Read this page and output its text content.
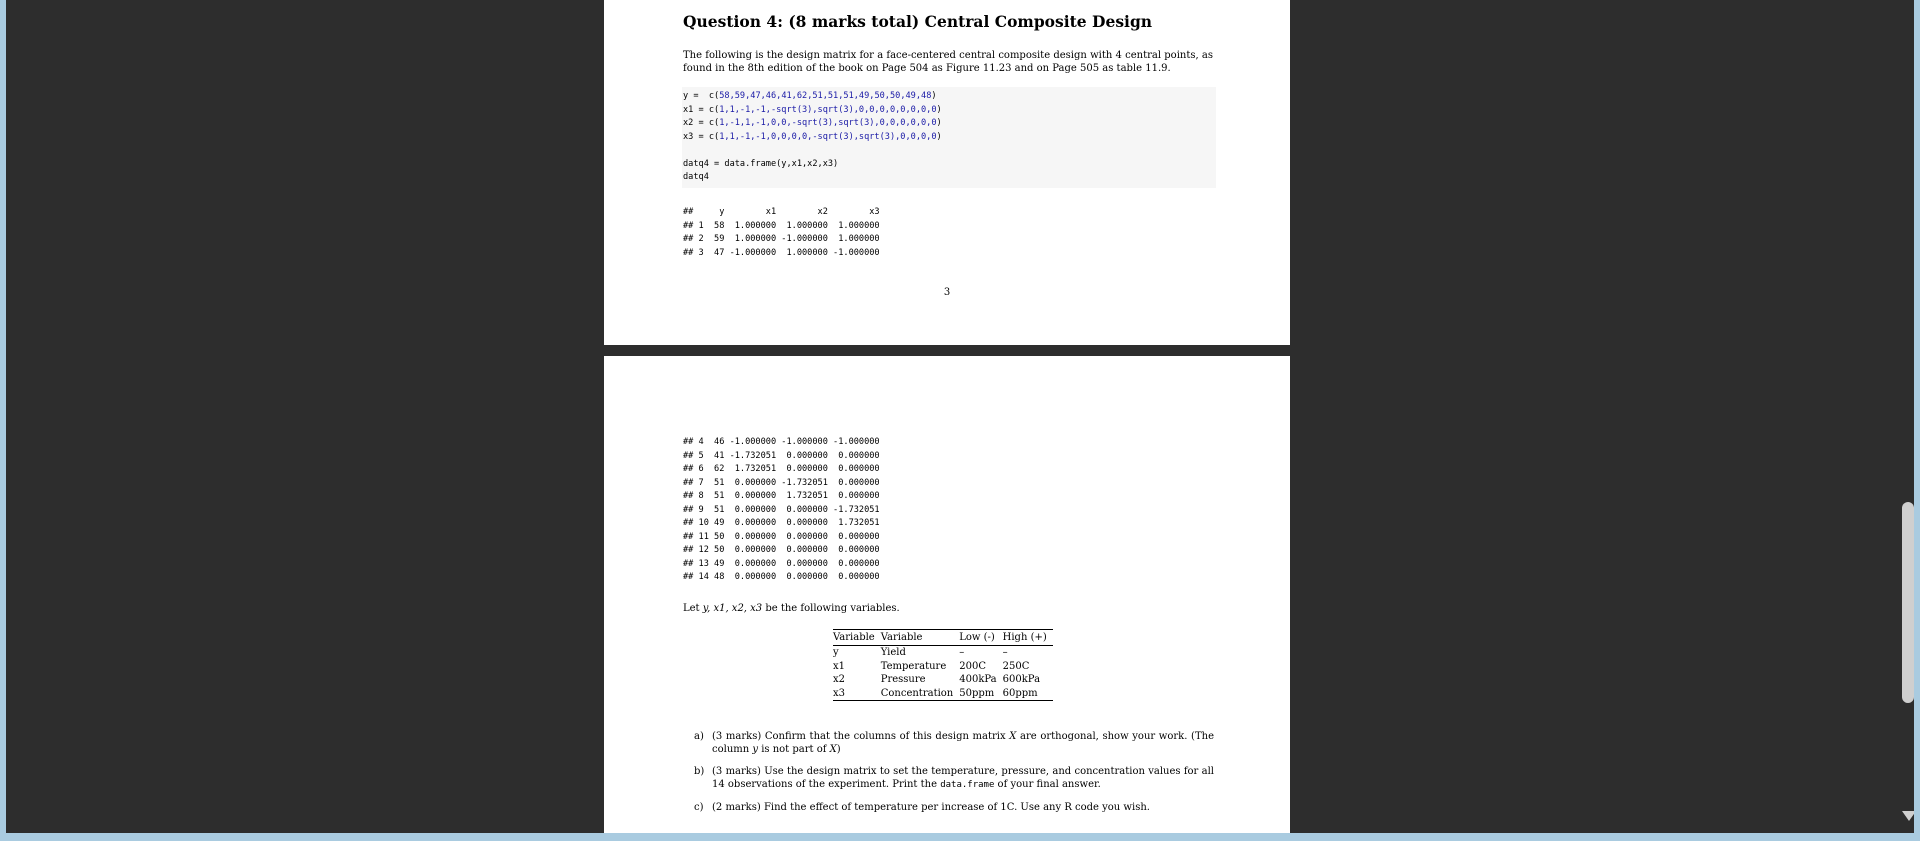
Question 4: (8 marks total) Central Composite Design
The following is the design matrix for a face-centered central composite design with 4 central points, as found in the 8th edition of the book on Page 504 as Figure 11.23 and on Page 505 as table 11.9.
y =  c(58,59,47,46,41,62,51,51,51,49,50,50,49,48)
x1 = c(1,1,-1,-1,-sqrt(3),sqrt(3),0,0,0,0,0,0,0,0)
x2 = c(1,-1,1,-1,0,0,-sqrt(3),sqrt(3),0,0,0,0,0,0)
x3 = c(1,1,-1,-1,0,0,0,0,-sqrt(3),sqrt(3),0,0,0,0)

datq4 = data.frame(y,x1,x2,x3)
datq4
##     y        x1        x2        x3
## 1  58  1.000000  1.000000  1.000000
## 2  59  1.000000 -1.000000  1.000000
## 3  47 -1.000000  1.000000 -1.000000
3
## 4  46 -1.000000 -1.000000 -1.000000
## 5  41 -1.732051  0.000000  0.000000
## 6  62  1.732051  0.000000  0.000000
## 7  51  0.000000 -1.732051  0.000000
## 8  51  0.000000  1.732051  0.000000
## 9  51  0.000000  0.000000 -1.732051
## 10 49  0.000000  0.000000  1.732051
## 11 50  0.000000  0.000000  0.000000
## 12 50  0.000000  0.000000  0.000000
## 13 49  0.000000  0.000000  0.000000
## 14 48  0.000000  0.000000  0.000000
Let y, x1, x2, x3 be the following variables.
Variable	Variable	Low (-)	High (+)
y	Yield	–	–
x1	Temperature	200C	250C
x2	Pressure	400kPa	600kPa
x3	Concentration	50ppm	60ppm
a) (3 marks) Confirm that the columns of this design matrix X are orthogonal, show your work. (The column y is not part of X)
b) (3 marks) Use the design matrix to set the temperature, pressure, and concentration values for all 14 observations of the experiment. Print the data.frame of your final answer.
c) (2 marks) Find the effect of temperature per increase of 1C. Use any R code you wish.
